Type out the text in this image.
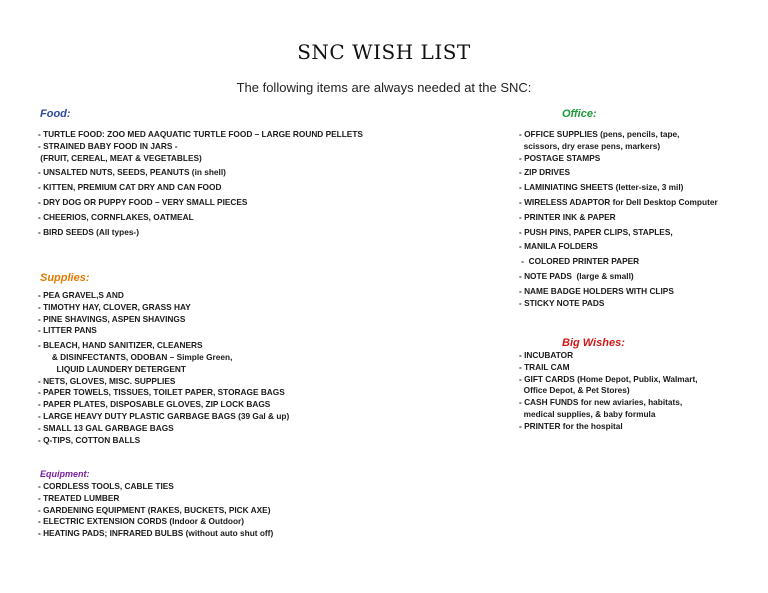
SNC WISH LIST
The following items are always needed at the SNC:
Food:
- TURTLE FOOD: ZOO MED AAQUATIC TURTLE FOOD – LARGE ROUND PELLETS
- STRAINED BABY FOOD IN JARS -
(FRUIT, CEREAL, MEAT & VEGETABLES)
- UNSALTED NUTS, SEEDS, PEANUTS (in shell)
- KITTEN, PREMIUM CAT DRY AND CAN FOOD
- DRY DOG OR PUPPY FOOD – VERY SMALL PIECES
- CHEERIOS, CORNFLAKES, OATMEAL
- BIRD SEEDS (All types-)
Supplies:
- PEA GRAVEL,S AND
- TIMOTHY HAY, CLOVER, GRASS HAY
- PINE SHAVINGS, ASPEN SHAVINGS
- LITTER PANS
- BLEACH, HAND SANITIZER, CLEANERS
& DISINFECTANTS, ODOBAN – Simple Green,
LIQUID LAUNDERY DETERGENT
- NETS, GLOVES, MISC. SUPPLIES
- PAPER TOWELS, TISSUES, TOILET PAPER, STORAGE BAGS
- PAPER PLATES, DISPOSABLE GLOVES, ZIP LOCK BAGS
- LARGE HEAVY DUTY PLASTIC GARBAGE BAGS (39 Gal & up)
- SMALL 13 GAL GARBAGE BAGS
- Q-TIPS, COTTON BALLS
Equipment:
- CORDLESS TOOLS, CABLE TIES
- TREATED LUMBER
- GARDENING EQUIPMENT (RAKES, BUCKETS, PICK AXE)
- ELECTRIC EXTENSION CORDS (Indoor & Outdoor)
- HEATING PADS; INFRARED BULBS (without auto shut off)
Office:
- OFFICE SUPPLIES (pens, pencils, tape,
scissors, dry erase pens, markers)
- POSTAGE STAMPS
- ZIP DRIVES
- LAMINIATING SHEETS (letter-size, 3 mil)
- WIRELESS ADAPTOR for Dell Desktop Computer
- PRINTER INK & PAPER
- PUSH PINS, PAPER CLIPS, STAPLES,
- MANILA FOLDERS
-  COLORED PRINTER PAPER
- NOTE PADS  (large & small)
- NAME BADGE HOLDERS WITH CLIPS
- STICKY NOTE PADS
Big Wishes:
- INCUBATOR
- TRAIL CAM
- GIFT CARDS (Home Depot, Publix, Walmart,
Office Depot, & Pet Stores)
- CASH FUNDS for new aviaries, habitats,
medical supplies, & baby formula
- PRINTER for the hospital
